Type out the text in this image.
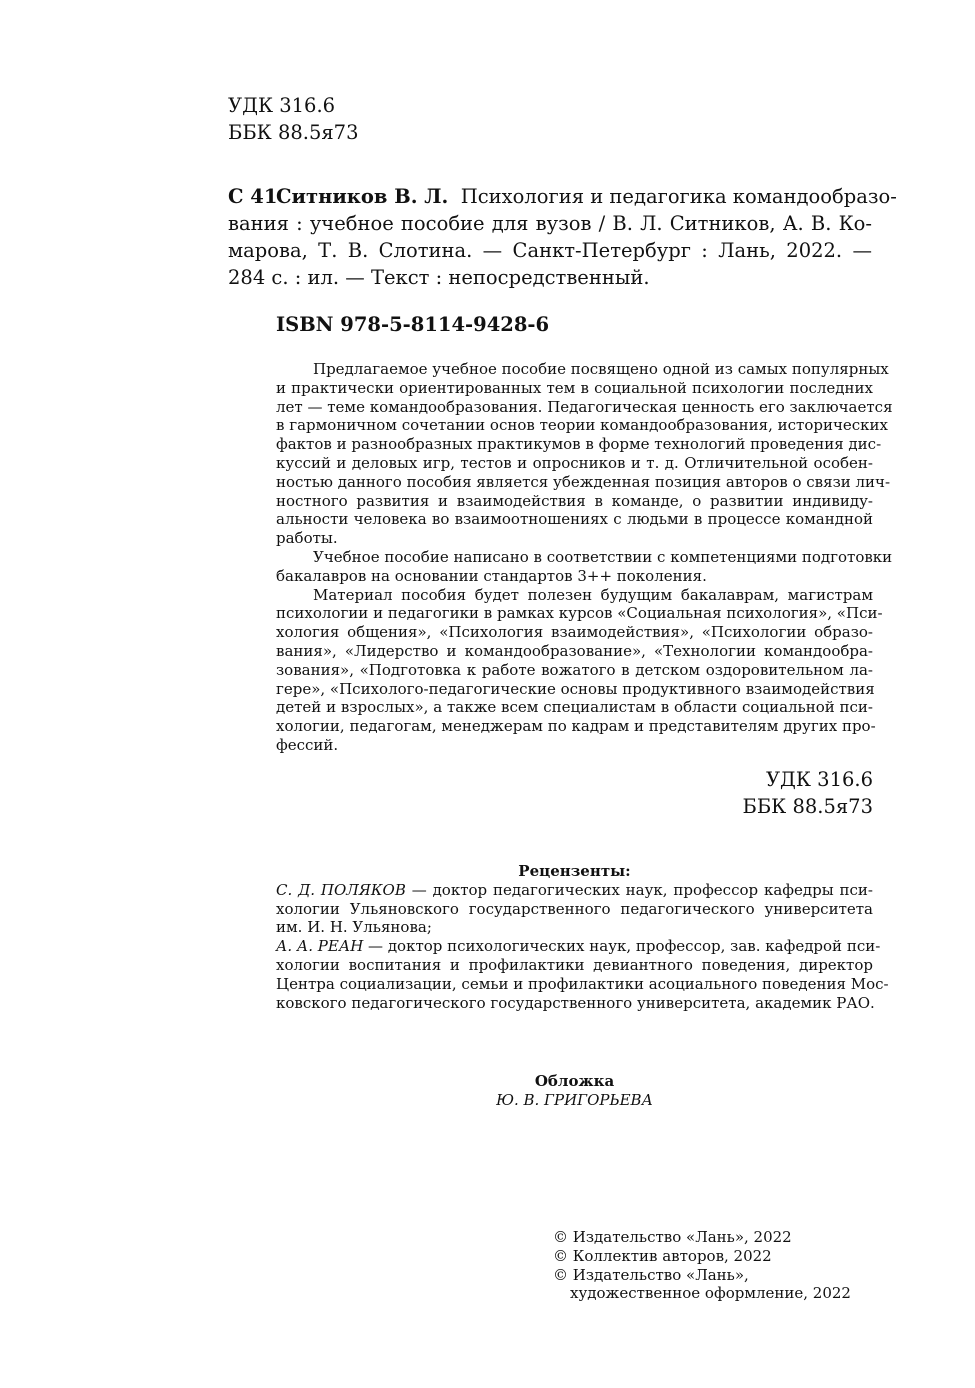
УДК 316.6
ББК 88.5я73
С 41
Ситников В. Л. Психология и педагогика командообразо-
вания : учебное пособие для вузов / В. Л. Ситников, А. В. Ко-
марова, Т. В. Слотина. — Санкт-Петербург : Лань, 2022. —
284 с. : ил. — Текст : непосредственный.
ISBN 978-5-8114-9428-6
Предлагаемое учебное пособие посвящено одной из самых популярных
и практически ориентированных тем в социальной психологии последних
лет — теме командообразования. Педагогическая ценность его заключается
в гармоничном сочетании основ теории командообразования, исторических
фактов и разнообразных практикумов в форме технологий проведения дис-
куссий и деловых игр, тестов и опросников и т. д. Отличительной особен-
ностью данного пособия является убежденная позиция авторов о связи лич-
ностного развития и взаимодействия в команде, о развитии индивиду-
альности человека во взаимоотношениях с людьми в процессе командной
работы.
Учебное пособие написано в соответствии с компетенциями подготовки
бакалавров на основании стандартов 3++ поколения.
Материал пособия будет полезен будущим бакалаврам, магистрам
психологии и педагогики в рамках курсов «Социальная психология», «Пси-
хология общения», «Психология взаимодействия», «Психологии образо-
вания», «Лидерство и командообразование», «Технологии командообра-
зования», «Подготовка к работе вожатого в детском оздоровительном ла-
гере», «Психолого-педагогические основы продуктивного взаимодействия
детей и взрослых», а также всем специалистам в области социальной пси-
хологии, педагогам, менеджерам по кадрам и представителям других про-
фессий.
УДК 316.6
ББК 88.5я73
Рецензенты:
С. Д. ПОЛЯКОВ — доктор педагогических наук, профессор кафедры пси-
хологии Ульяновского государственного педагогического университета
им. И. Н. Ульянова;
А. А. РЕАН — доктор психологических наук, профессор, зав. кафедрой пси-
хологии воспитания и профилактики девиантного поведения, директор
Центра социализации, семьи и профилактики асоциального поведения Мос-
ковского педагогического государственного университета, академик РАО.
Обложка
Ю. В. ГРИГОРЬЕВА
© Издательство «Лань», 2022
© Коллектив авторов, 2022
© Издательство «Лань»,
художественное оформление, 2022
